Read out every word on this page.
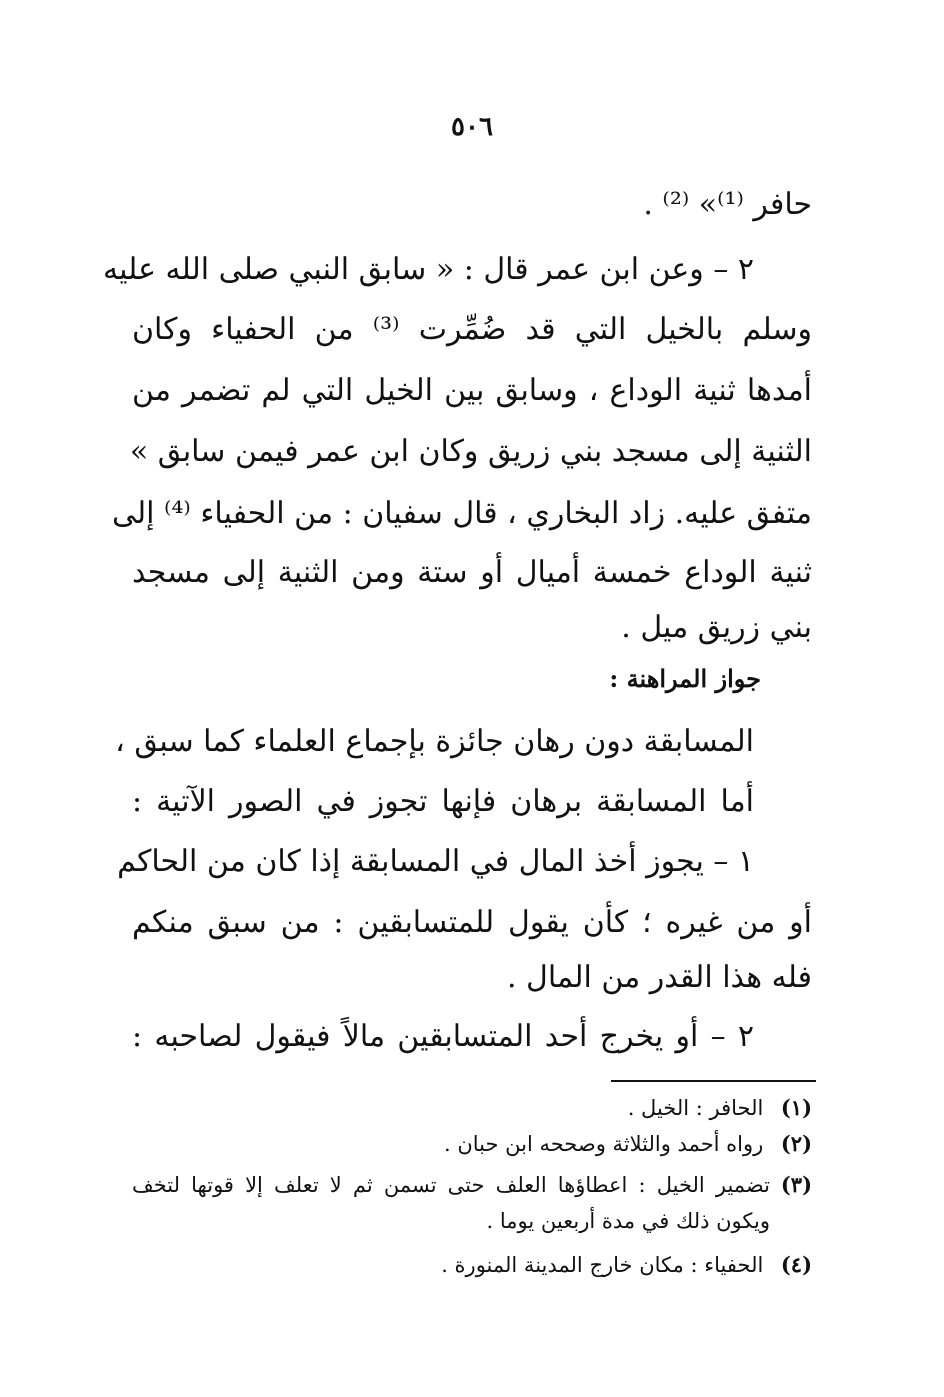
٥٠٦
حافر ⁽¹⁾» ⁽²⁾ .
٢ – وعن ابن عمر قال : « سابق النبي صلى الله عليه
وسلم بالخيل التي قد ضُمِّرت ⁽³⁾ من الحفياء وكان
أمدها ثنية الوداع ، وسابق بين الخيل التي لم تضمر من
الثنية إلى مسجد بني زريق وكان ابن عمر فيمن سابق »
متفق عليه. زاد البخاري ، قال سفيان : من الحفياء ⁽⁴⁾ إلى
ثنية الوداع خمسة أميال أو ستة ومن الثنية إلى مسجد
بني زريق ميل .
جواز المراهنة :
المسابقة دون رهان جائزة بإجماع العلماء كما سبق ،
أما المسابقة برهان فإنها تجوز في الصور الآتية :
١ – يجوز أخذ المال في المسابقة إذا كان من الحاكم
أو من غيره ؛ كأن يقول للمتسابقين : من سبق منكم
فله هذا القدر من المال .
٢ – أو يخرج أحد المتسابقين مالاً فيقول لصاحبه :
(١) الحافر : الخيل .
(٢) رواه أحمد والثلاثة وصححه ابن حبان .
(٣)تضمير الخيل : اعطاؤها العلف حتى تسمن ثم لا تعلف إلا قوتها لتخف
ويكون ذلك في مدة أربعين يوما .
(٤) الحفياء : مكان خارج المدينة المنورة .
